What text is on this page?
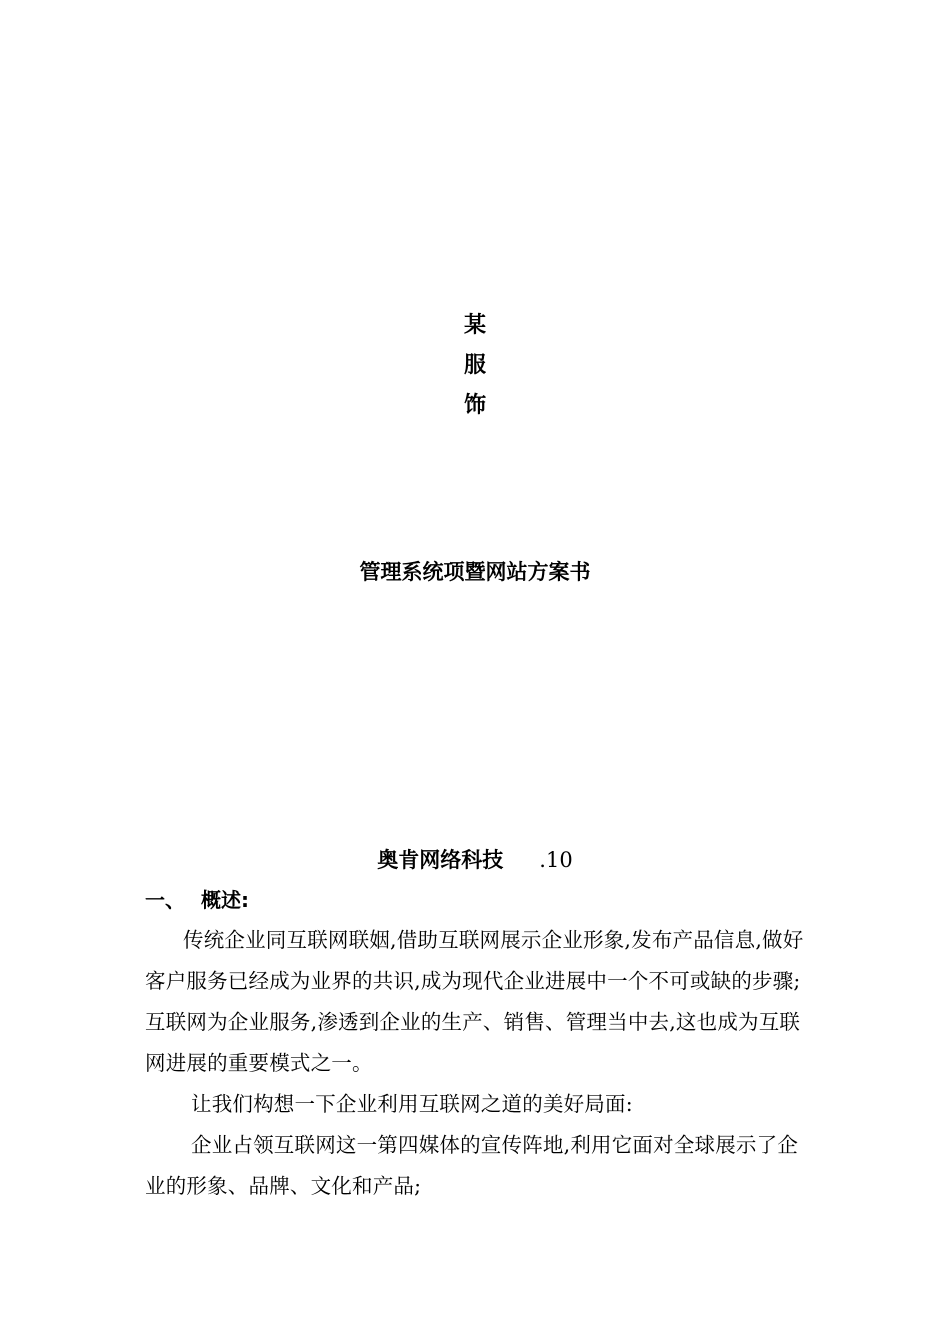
某
服
饰
管理系统项暨网站方案书
奥肯网络科技 .10
一、 概述:
传统企业同互联网联姻,借助互联网展示企业形象,发布产品信息,做好客户服务已经成为业界的共识,成为现代企业进展中一个不可或缺的步骤;互联网为企业服务,渗透到企业的生产、销售、管理当中去,这也成为互联网进展的重要模式之一。
让我们构想一下企业利用互联网之道的美好局面:
企业占领互联网这一第四媒体的宣传阵地,利用它面对全球展示了企业的形象、品牌、文化和产品;
